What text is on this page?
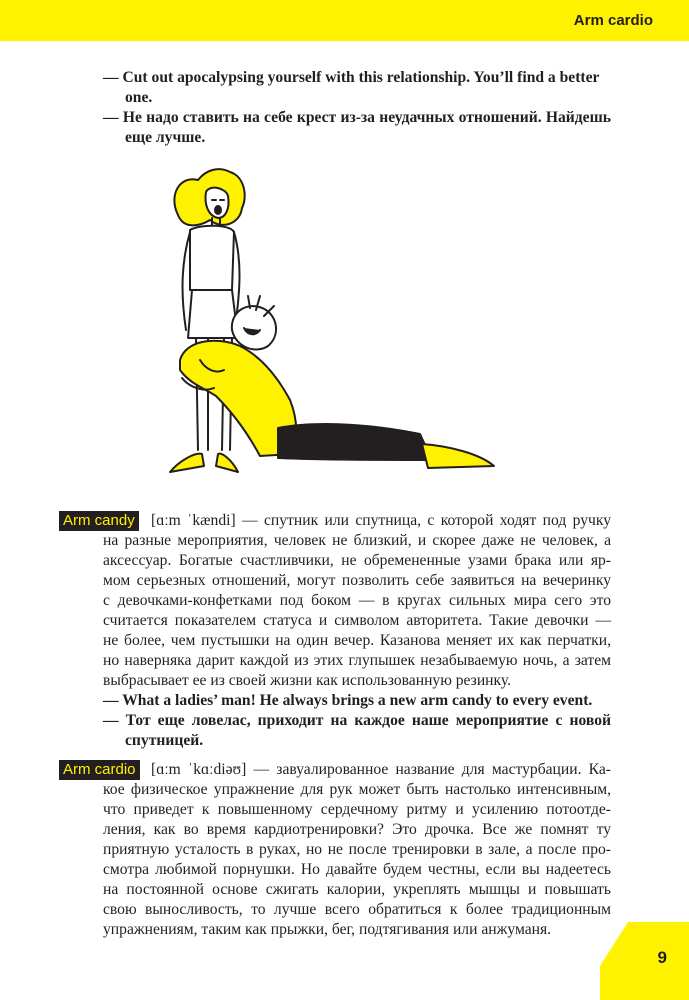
Arm cardio
— Cut out apocalypsing yourself with this relationship. You’ll find a better
one.
— Не надо ставить на себе крест из-за неудачных отношений. Найдешь
еще лучше.
Arm candy [ɑːm ˈkændi] — спутник или спутница, с которой ходят под ручку
на разные мероприятия, человек не близкий, и скорее даже не человек, а
аксессуар. Богатые счастливчики, не обремененные узами брака или яр-
мом серьезных отношений, могут позволить себе заявиться на вечеринку
с девочками-конфетками под боком — в кругах сильных мира сего это
считается показателем статуса и символом авторитета. Такие девочки —
не более, чем пустышки на один вечер. Казанова меняет их как перчатки,
но наверняка дарит каждой из этих глупышек незабываемую ночь, а затем
выбрасывает ее из своей жизни как использованную резинку.
— What a ladies’ man! He always brings a new arm candy to every event.
— Тот еще ловелас, приходит на каждое наше мероприятие с новой
спутницей.
Arm cardio [ɑːm ˈkɑːdiəʊ] — завуалированное название для мастурбации. Ка-
кое физическое упражнение для рук может быть настолько интенсивным,
что приведет к повышенному сердечному ритму и усилению потоотде-
ления, как во время кардиотренировки? Это дрочка. Все же помнят ту
приятную усталость в руках, но не после тренировки в зале, а после про-
смотра любимой порнушки. Но давайте будем честны, если вы надеетесь
на постоянной основе сжигать калории, укреплять мышцы и повышать
свою выносливость, то лучше всего обратиться к более традиционным
упражнениям, таким как прыжки, бег, подтягивания или анжуманя.
9
